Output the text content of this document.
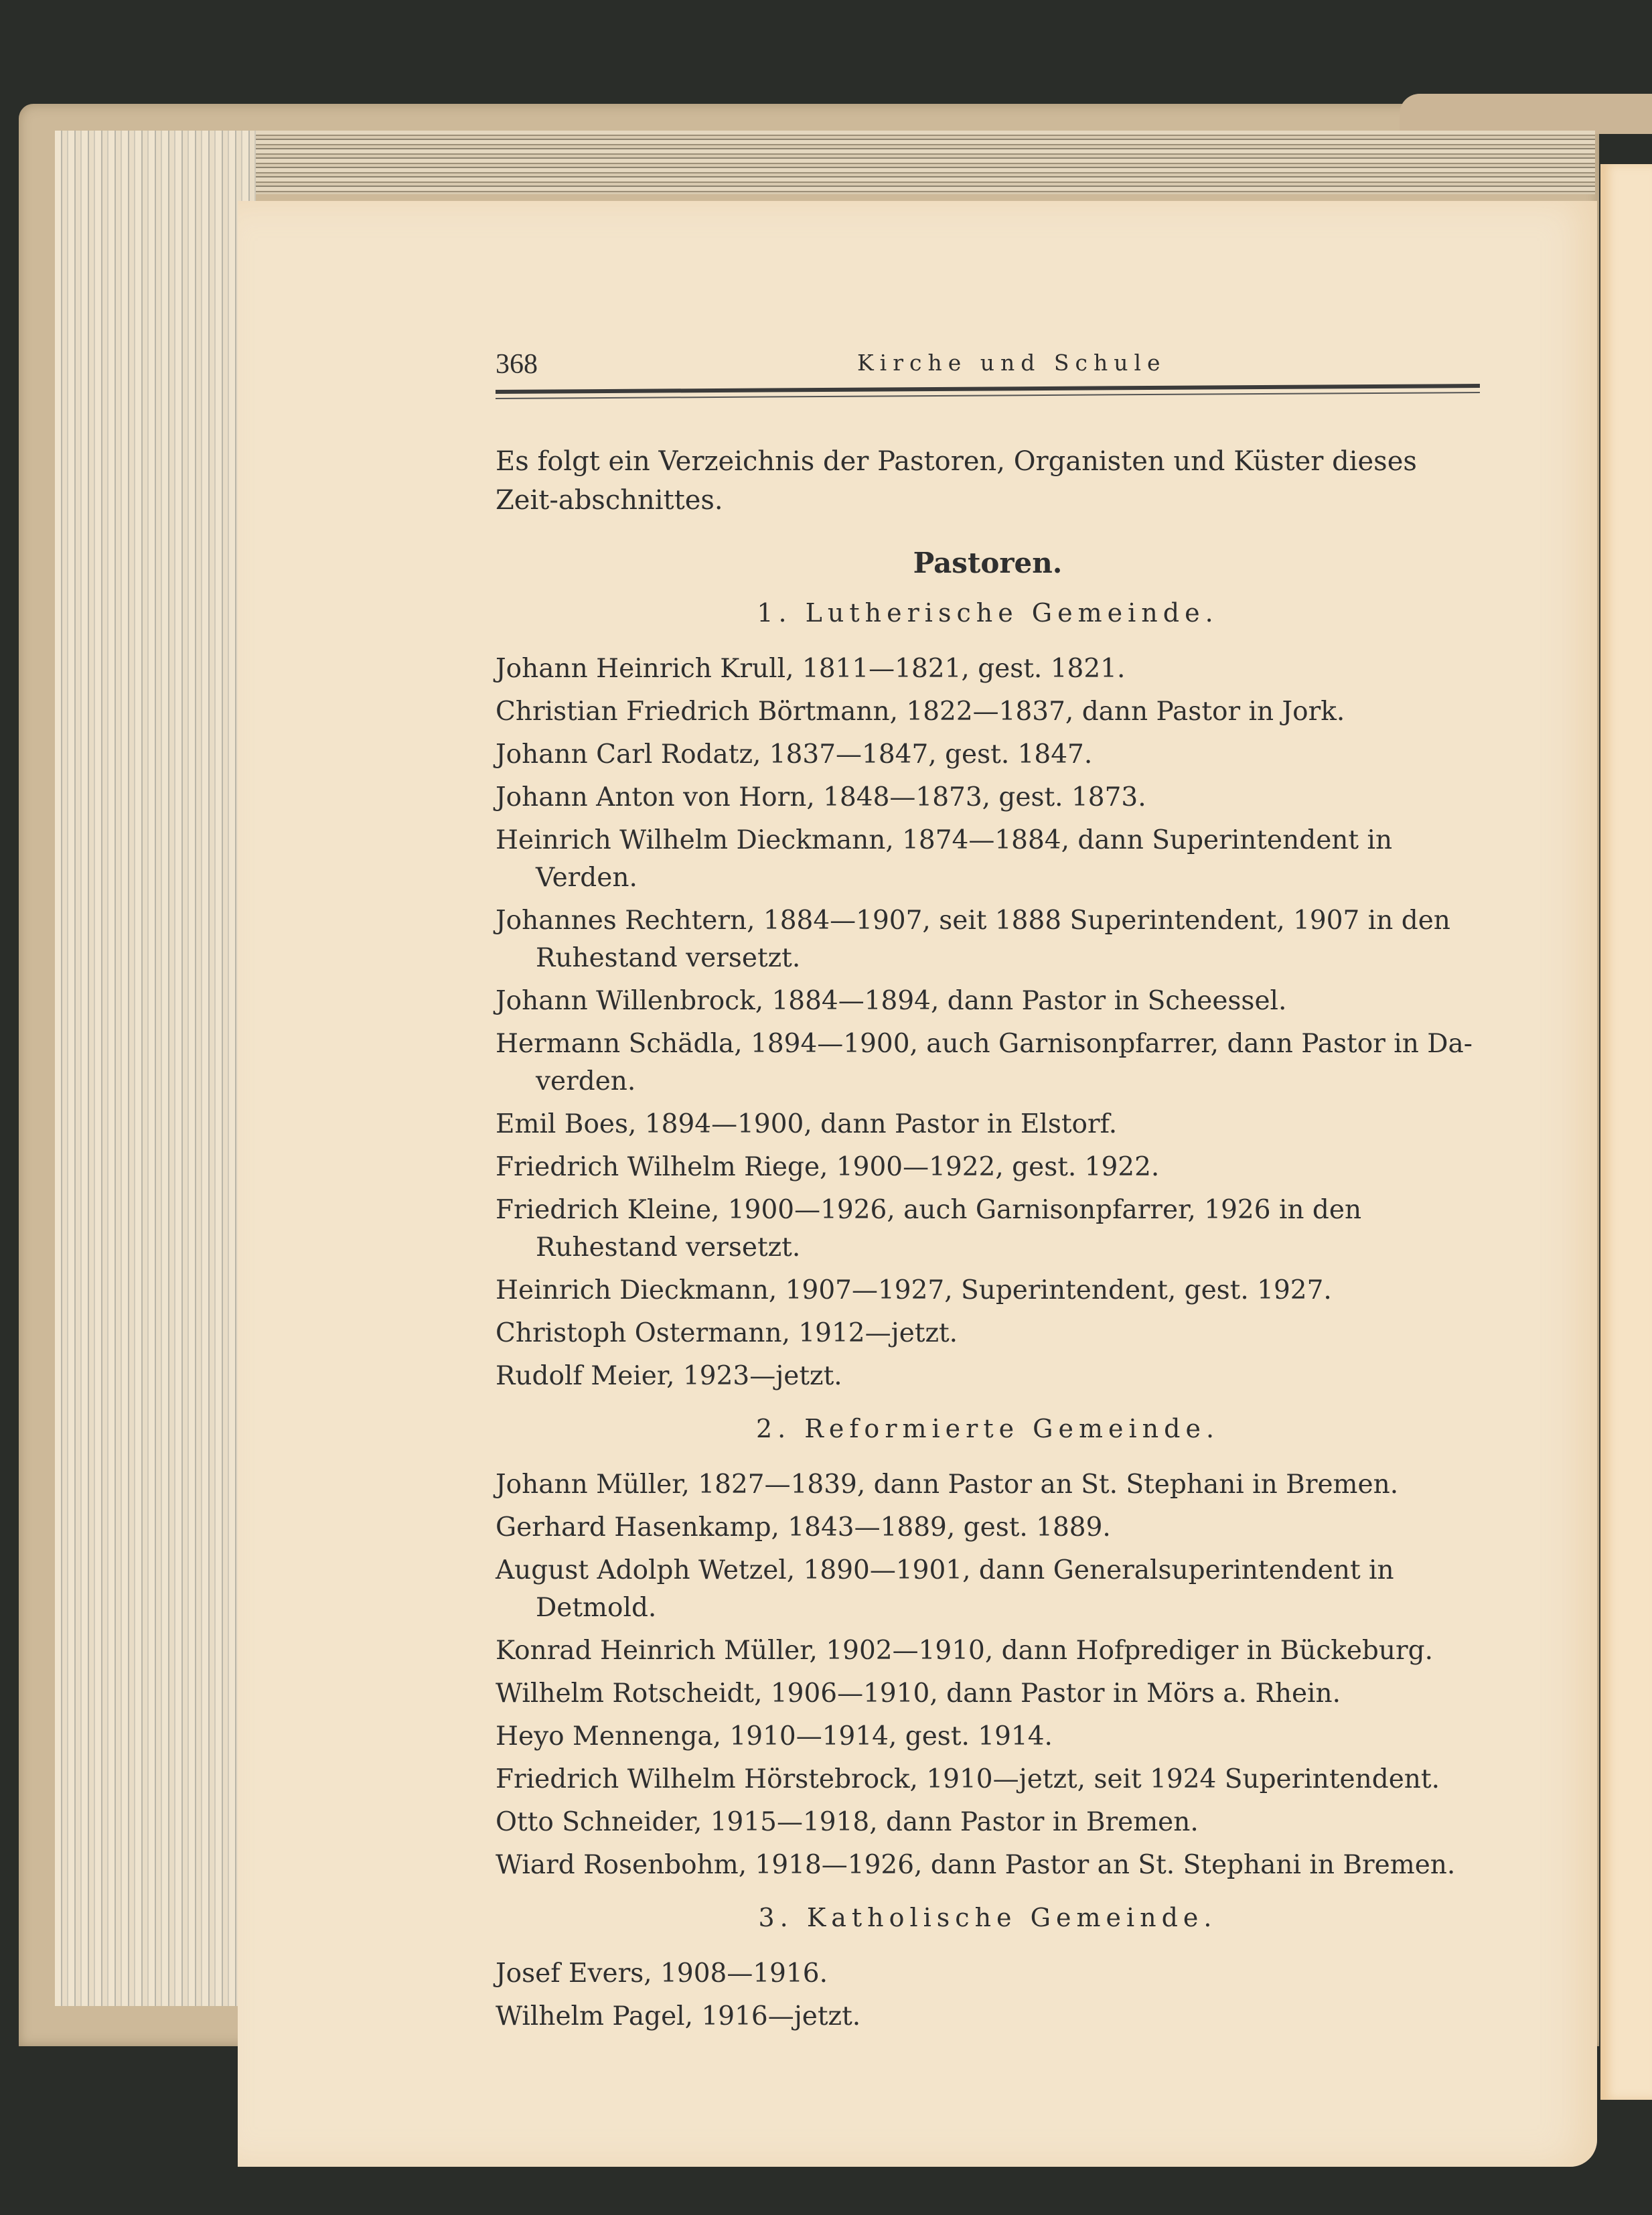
368	Kirche und Schule

Es folgt ein Verzeichnis der Pastoren, Organisten und Küster dieses Zeit-abschnittes.

Pastoren.
1. Lutherische Gemeinde.
Johann Heinrich Krull, 1811—1821, gest. 1821.
Christian Friedrich Börtmann, 1822—1837, dann Pastor in Jork.
Johann Carl Rodatz, 1837—1847, gest. 1847.
Johann Anton von Horn, 1848—1873, gest. 1873.
Heinrich Wilhelm Dieckmann, 1874—1884, dann Superintendent in Verden.
Johannes Rechtern, 1884—1907, seit 1888 Superintendent, 1907 in den Ruhestand versetzt.
Johann Willenbrock, 1884—1894, dann Pastor in Scheessel.
Hermann Schädla, 1894—1900, auch Garnisonpfarrer, dann Pastor in Da-verden.
Emil Boes, 1894—1900, dann Pastor in Elstorf.
Friedrich Wilhelm Riege, 1900—1922, gest. 1922.
Friedrich Kleine, 1900—1926, auch Garnisonpfarrer, 1926 in den Ruhestand versetzt.
Heinrich Dieckmann, 1907—1927, Superintendent, gest. 1927.
Christoph Ostermann, 1912—jetzt.
Rudolf Meier, 1923—jetzt.
2. Reformierte Gemeinde.
Johann Müller, 1827—1839, dann Pastor an St. Stephani in Bremen.
Gerhard Hasenkamp, 1843—1889, gest. 1889.
August Adolph Wetzel, 1890—1901, dann Generalsuperintendent in Detmold.
Konrad Heinrich Müller, 1902—1910, dann Hofprediger in Bückeburg.
Wilhelm Rotscheidt, 1906—1910, dann Pastor in Mörs a. Rhein.
Heyo Mennenga, 1910—1914, gest. 1914.
Friedrich Wilhelm Hörstebrock, 1910—jetzt, seit 1924 Superintendent.
Otto Schneider, 1915—1918, dann Pastor in Bremen.
Wiard Rosenbohm, 1918—1926, dann Pastor an St. Stephani in Bremen.
3. Katholische Gemeinde.
Josef Evers, 1908—1916.
Wilhelm Pagel, 1916—jetzt.
